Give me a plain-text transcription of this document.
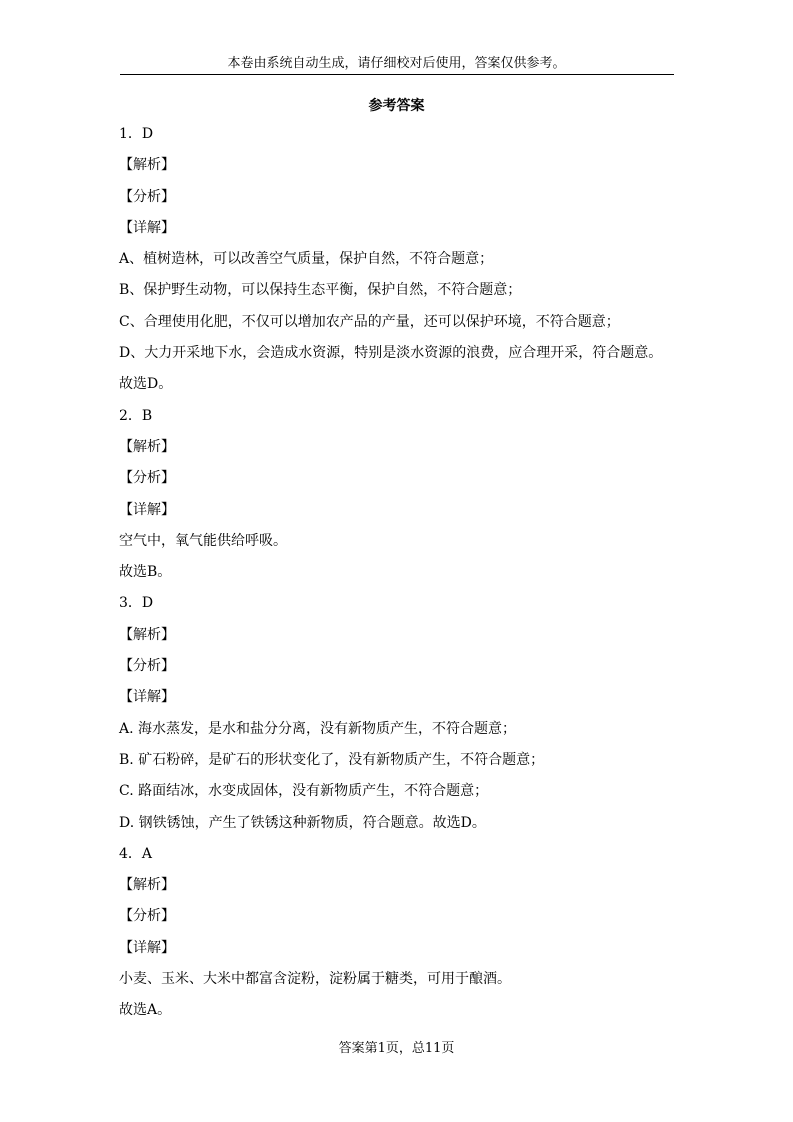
本卷由系统自动生成，请仔细校对后使用，答案仅供参考。
参考答案
1．D
【解析】
【分析】
【详解】
A、植树造林，可以改善空气质量，保护自然，不符合题意；
B、保护野生动物，可以保持生态平衡，保护自然，不符合题意；
C、合理使用化肥，不仅可以增加农产品的产量，还可以保护环境，不符合题意；
D、大力开采地下水，会造成水资源，特别是淡水资源的浪费，应合理开采，符合题意。
故选D。
2．B
【解析】
【分析】
【详解】
空气中，氧气能供给呼吸。
故选B。
3．D
【解析】
【分析】
【详解】
A. 海水蒸发，是水和盐分分离，没有新物质产生，不符合题意；
B. 矿石粉碎，是矿石的形状变化了，没有新物质产生，不符合题意；
C. 路面结冰，水变成固体，没有新物质产生，不符合题意；
D. 钢铁锈蚀，产生了铁锈这种新物质，符合题意。故选D。
4．A
【解析】
【分析】
【详解】
小麦、玉米、大米中都富含淀粉，淀粉属于糖类，可用于酿酒。
故选A。
答案第1页，总11页
